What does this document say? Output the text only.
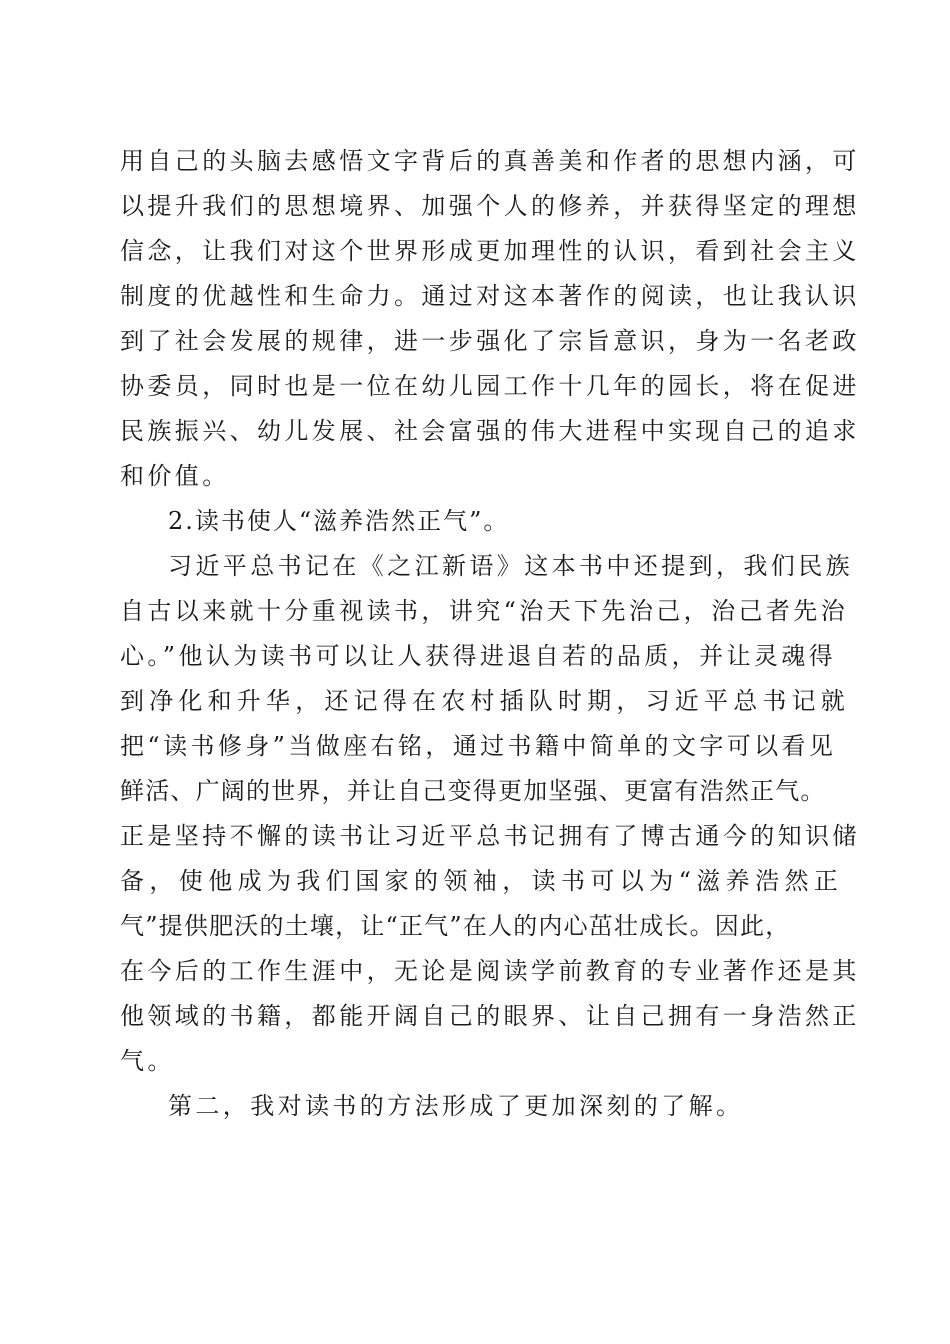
用自己的头脑去感悟文字背后的真善美和作者的思想内涵，可
以提升我们的思想境界、加强个人的修养，并获得坚定的理想
信念，让我们对这个世界形成更加理性的认识，看到社会主义
制度的优越性和生命力。通过对这本著作的阅读，也让我认识
到了社会发展的规律，进一步强化了宗旨意识，身为一名老政
协委员，同时也是一位在幼儿园工作十几年的园长，将在促进
民族振兴、幼儿发展、社会富强的伟大进程中实现自己的追求
和价值。
2.读书使人“滋养浩然正气”。
习近平总书记在《之江新语》这本书中还提到，我们民族
自古以来就十分重视读书，讲究“治天下先治己，治己者先治
心。”他认为读书可以让人获得进退自若的品质，并让灵魂得
到净化和升华，还记得在农村插队时期，习近平总书记就
把“读书修身”当做座右铭，通过书籍中简单的文字可以看见
鲜活、广阔的世界，并让自己变得更加坚强、更富有浩然正气。
正是坚持不懈的读书让习近平总书记拥有了博古通今的知识储
备，使他成为我们国家的领袖，读书可以为“滋养浩然正
气”提供肥沃的土壤，让“正气”在人的内心茁壮成长。因此，
在今后的工作生涯中，无论是阅读学前教育的专业著作还是其
他领域的书籍，都能开阔自己的眼界、让自己拥有一身浩然正
气。
第二，我对读书的方法形成了更加深刻的了解。
